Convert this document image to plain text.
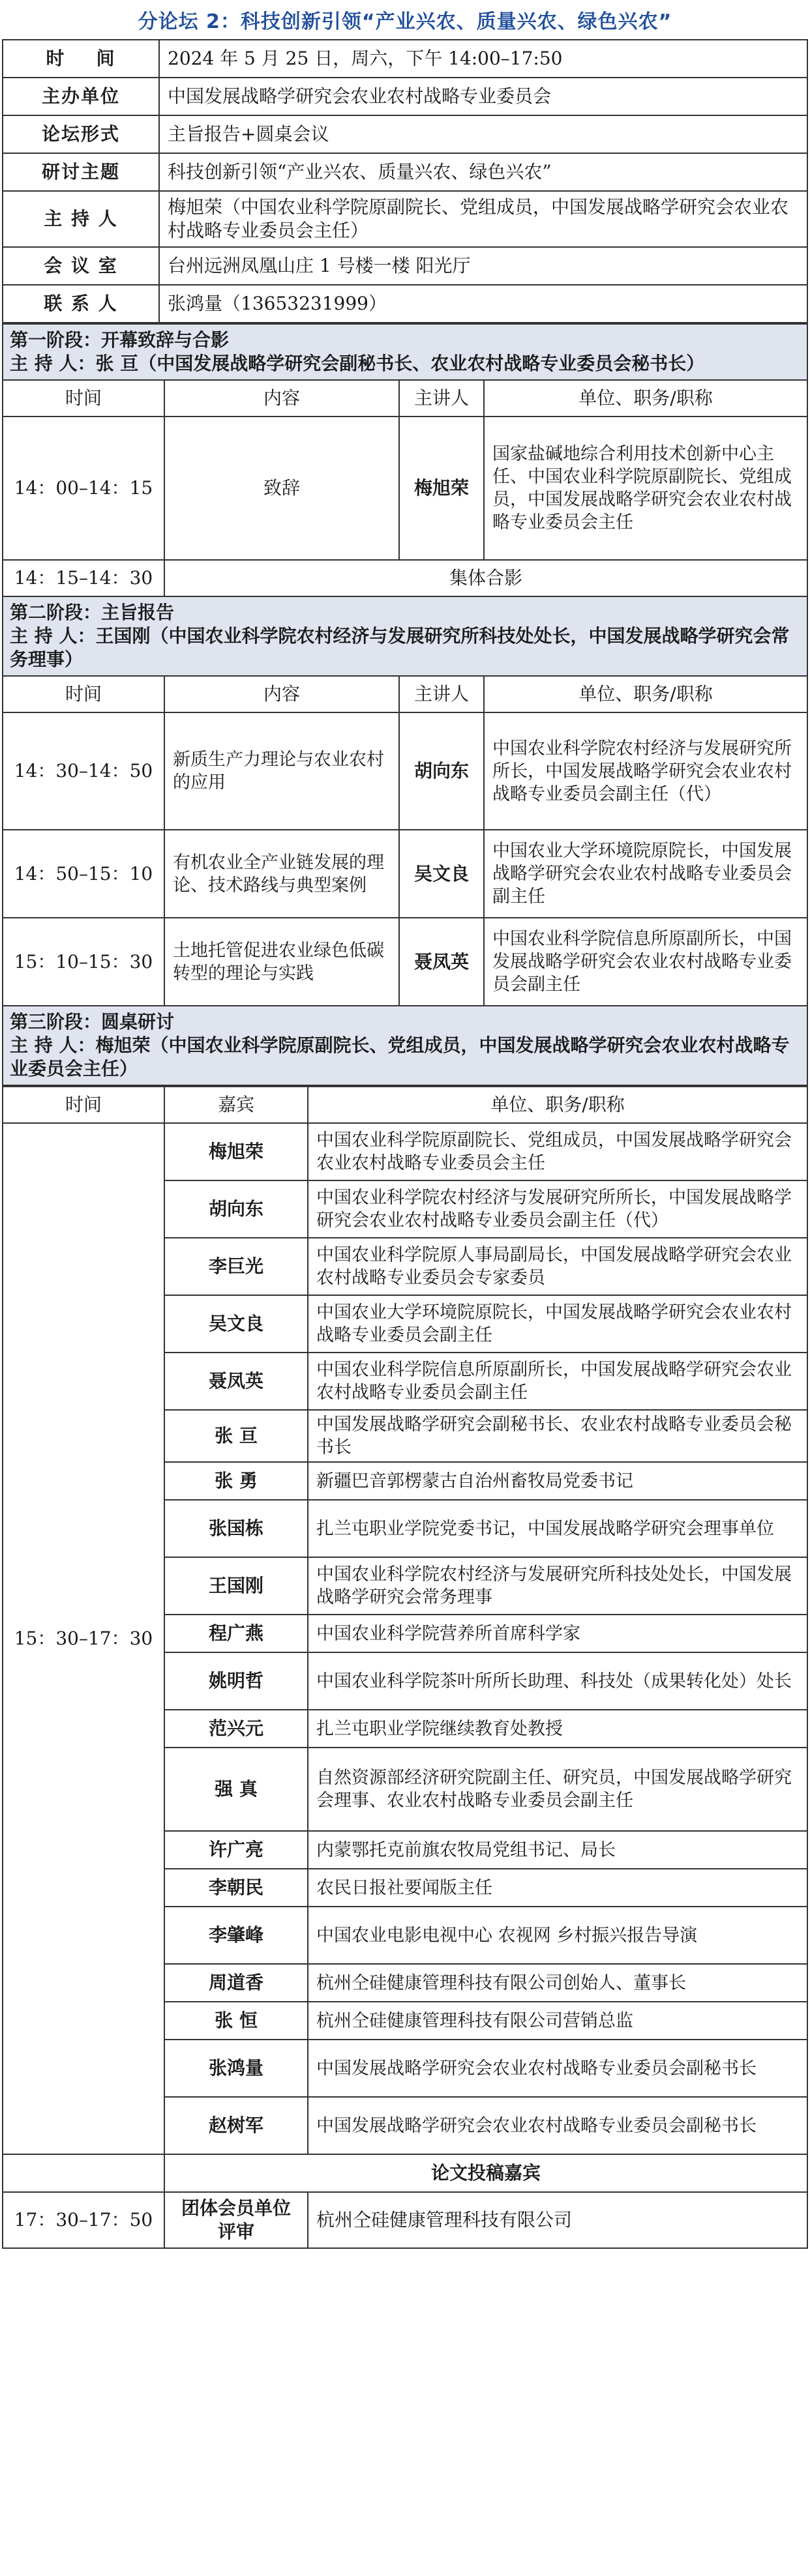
分论坛 2：科技创新引领“产业兴农、质量兴农、绿色兴农”
时    间	2024 年 5 月 25 日，周六，下午 14:00–17:50
主办单位	中国发展战略学研究会农业农村战略专业委员会
论坛形式	主旨报告+圆桌会议
研讨主题	科技创新引领“产业兴农、质量兴农、绿色兴农”
主 持 人	梅旭荣（中国农业科学院原副院长、党组成员，中国发展战略学研究会农业农村战略专业委员会主任）
会 议 室	台州远洲凤凰山庄 1 号楼一楼 阳光厅
联 系 人	张鸿量（13653231999）
第一阶段：开幕致辞与合影
主 持 人：张 亘（中国发展战略学研究会副秘书长、农业农村战略专业委员会秘书长）			

时间	内容	主讲人	单位、职务/职称
14：00–14：15	致辞	梅旭荣	国家盐碱地综合利用技术创新中心主任、中国农业科学院原副院长、党组成员，中国发展战略学研究会农业农村战略专业委员会主任
14：15–14：30	集体合影		

第二阶段：主旨报告
主 持 人：王国刚（中国农业科学院农村经济与发展研究所科技处处长，中国发展战略学研究会常务理事）			

时间	内容	主讲人	单位、职务/职称
14：30–14：50	新质生产力理论与农业农村的应用	胡向东	中国农业科学院农村经济与发展研究所所长，中国发展战略学研究会农业农村战略专业委员会副主任（代）
14：50–15：10	有机农业全产业链发展的理论、技术路线与典型案例	吴文良	中国农业大学环境院原院长，中国发展战略学研究会农业农村战略专业委员会副主任
15：10–15：30	土地托管促进农业绿色低碳转型的理论与实践	聂凤英	中国农业科学院信息所原副所长，中国发展战略学研究会农业农村战略专业委员会副主任

第三阶段：圆桌研讨
主 持 人：梅旭荣（中国农业科学院原副院长、党组成员，中国发展战略学研究会农业农村战略专业委员会主任）			
时间	嘉宾	单位、职务/职称
15：30–17：30	梅旭荣	中国农业科学院原副院长、党组成员，中国发展战略学研究会农业农村战略专业委员会主任
	胡向东	中国农业科学院农村经济与发展研究所所长，中国发展战略学研究会农业农村战略专业委员会副主任（代）
	李巨光	中国农业科学院原人事局副局长，中国发展战略学研究会农业农村战略专业委员会专家委员
	吴文良	中国农业大学环境院原院长，中国发展战略学研究会农业农村战略专业委员会副主任
	聂凤英	中国农业科学院信息所原副所长，中国发展战略学研究会农业农村战略专业委员会副主任
	张 亘	中国发展战略学研究会副秘书长、农业农村战略专业委员会秘书长
	张 勇	新疆巴音郭楞蒙古自治州畜牧局党委书记
	张国栋	扎兰屯职业学院党委书记，中国发展战略学研究会理事单位
	王国刚	中国农业科学院农村经济与发展研究所科技处处长，中国发展战略学研究会常务理事
	程广燕	中国农业科学院营养所首席科学家
	姚明哲	中国农业科学院茶叶所所长助理、科技处（成果转化处）处长
	范兴元	扎兰屯职业学院继续教育处教授
	强 真	自然资源部经济研究院副主任、研究员，中国发展战略学研究会理事、农业农村战略专业委员会副主任
	许广亮	内蒙鄂托克前旗农牧局党组书记、局长
	李朝民	农民日报社要闻版主任
	李肇峰	中国农业电影电视中心 农视网 乡村振兴报告导演
	周道香	杭州仝硅健康管理科技有限公司创始人、董事长
	张 恒	杭州仝硅健康管理科技有限公司营销总监
	张鸿量	中国发展战略学研究会农业农村战略专业委员会副秘书长
	赵树军	中国发展战略学研究会农业农村战略专业委员会副秘书长
	论文投稿嘉宾	
17：30–17：50	团体会员单位评审	杭州仝硅健康管理科技有限公司
